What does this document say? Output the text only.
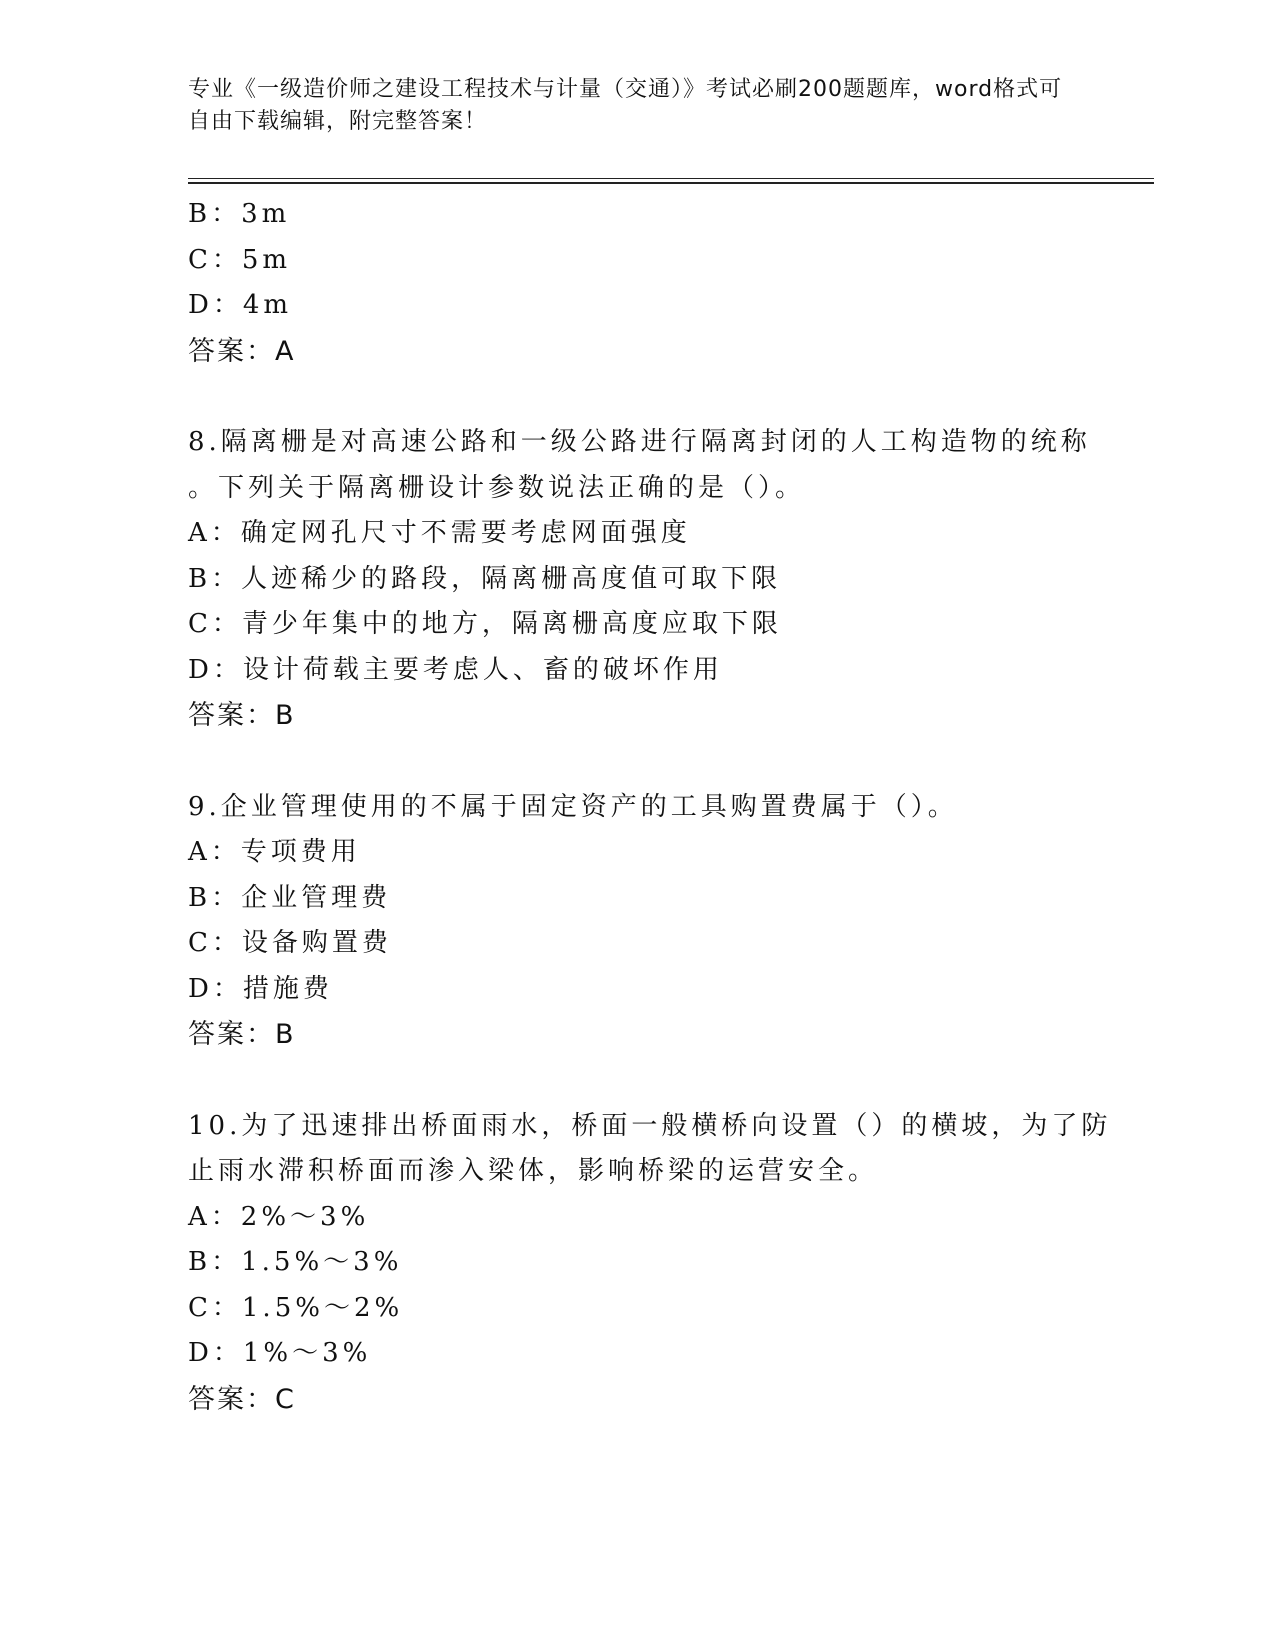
专业《一级造价师之建设工程技术与计量（交通）》考试必刷200题题库，word格式可自由下载编辑，附完整答案！
B：3m
C：5m
D：4m
答案：A
8.隔离栅是对高速公路和一级公路进行隔离封闭的人工构造物的统称
。下列关于隔离栅设计参数说法正确的是（）。
A：确定网孔尺寸不需要考虑网面强度
B：人迹稀少的路段，隔离栅高度值可取下限
C：青少年集中的地方，隔离栅高度应取下限
D：设计荷载主要考虑人、畜的破坏作用
答案：B
9.企业管理使用的不属于固定资产的工具购置费属于（）。
A：专项费用
B：企业管理费
C：设备购置费
D：措施费
答案：B
10.为了迅速排出桥面雨水，桥面一般横桥向设置（）的横坡，为了防
止雨水滞积桥面而渗入梁体，影响桥梁的运营安全。
A：2%～3%
B：1.5%～3%
C：1.5%～2%
D：1%～3%
答案：C
